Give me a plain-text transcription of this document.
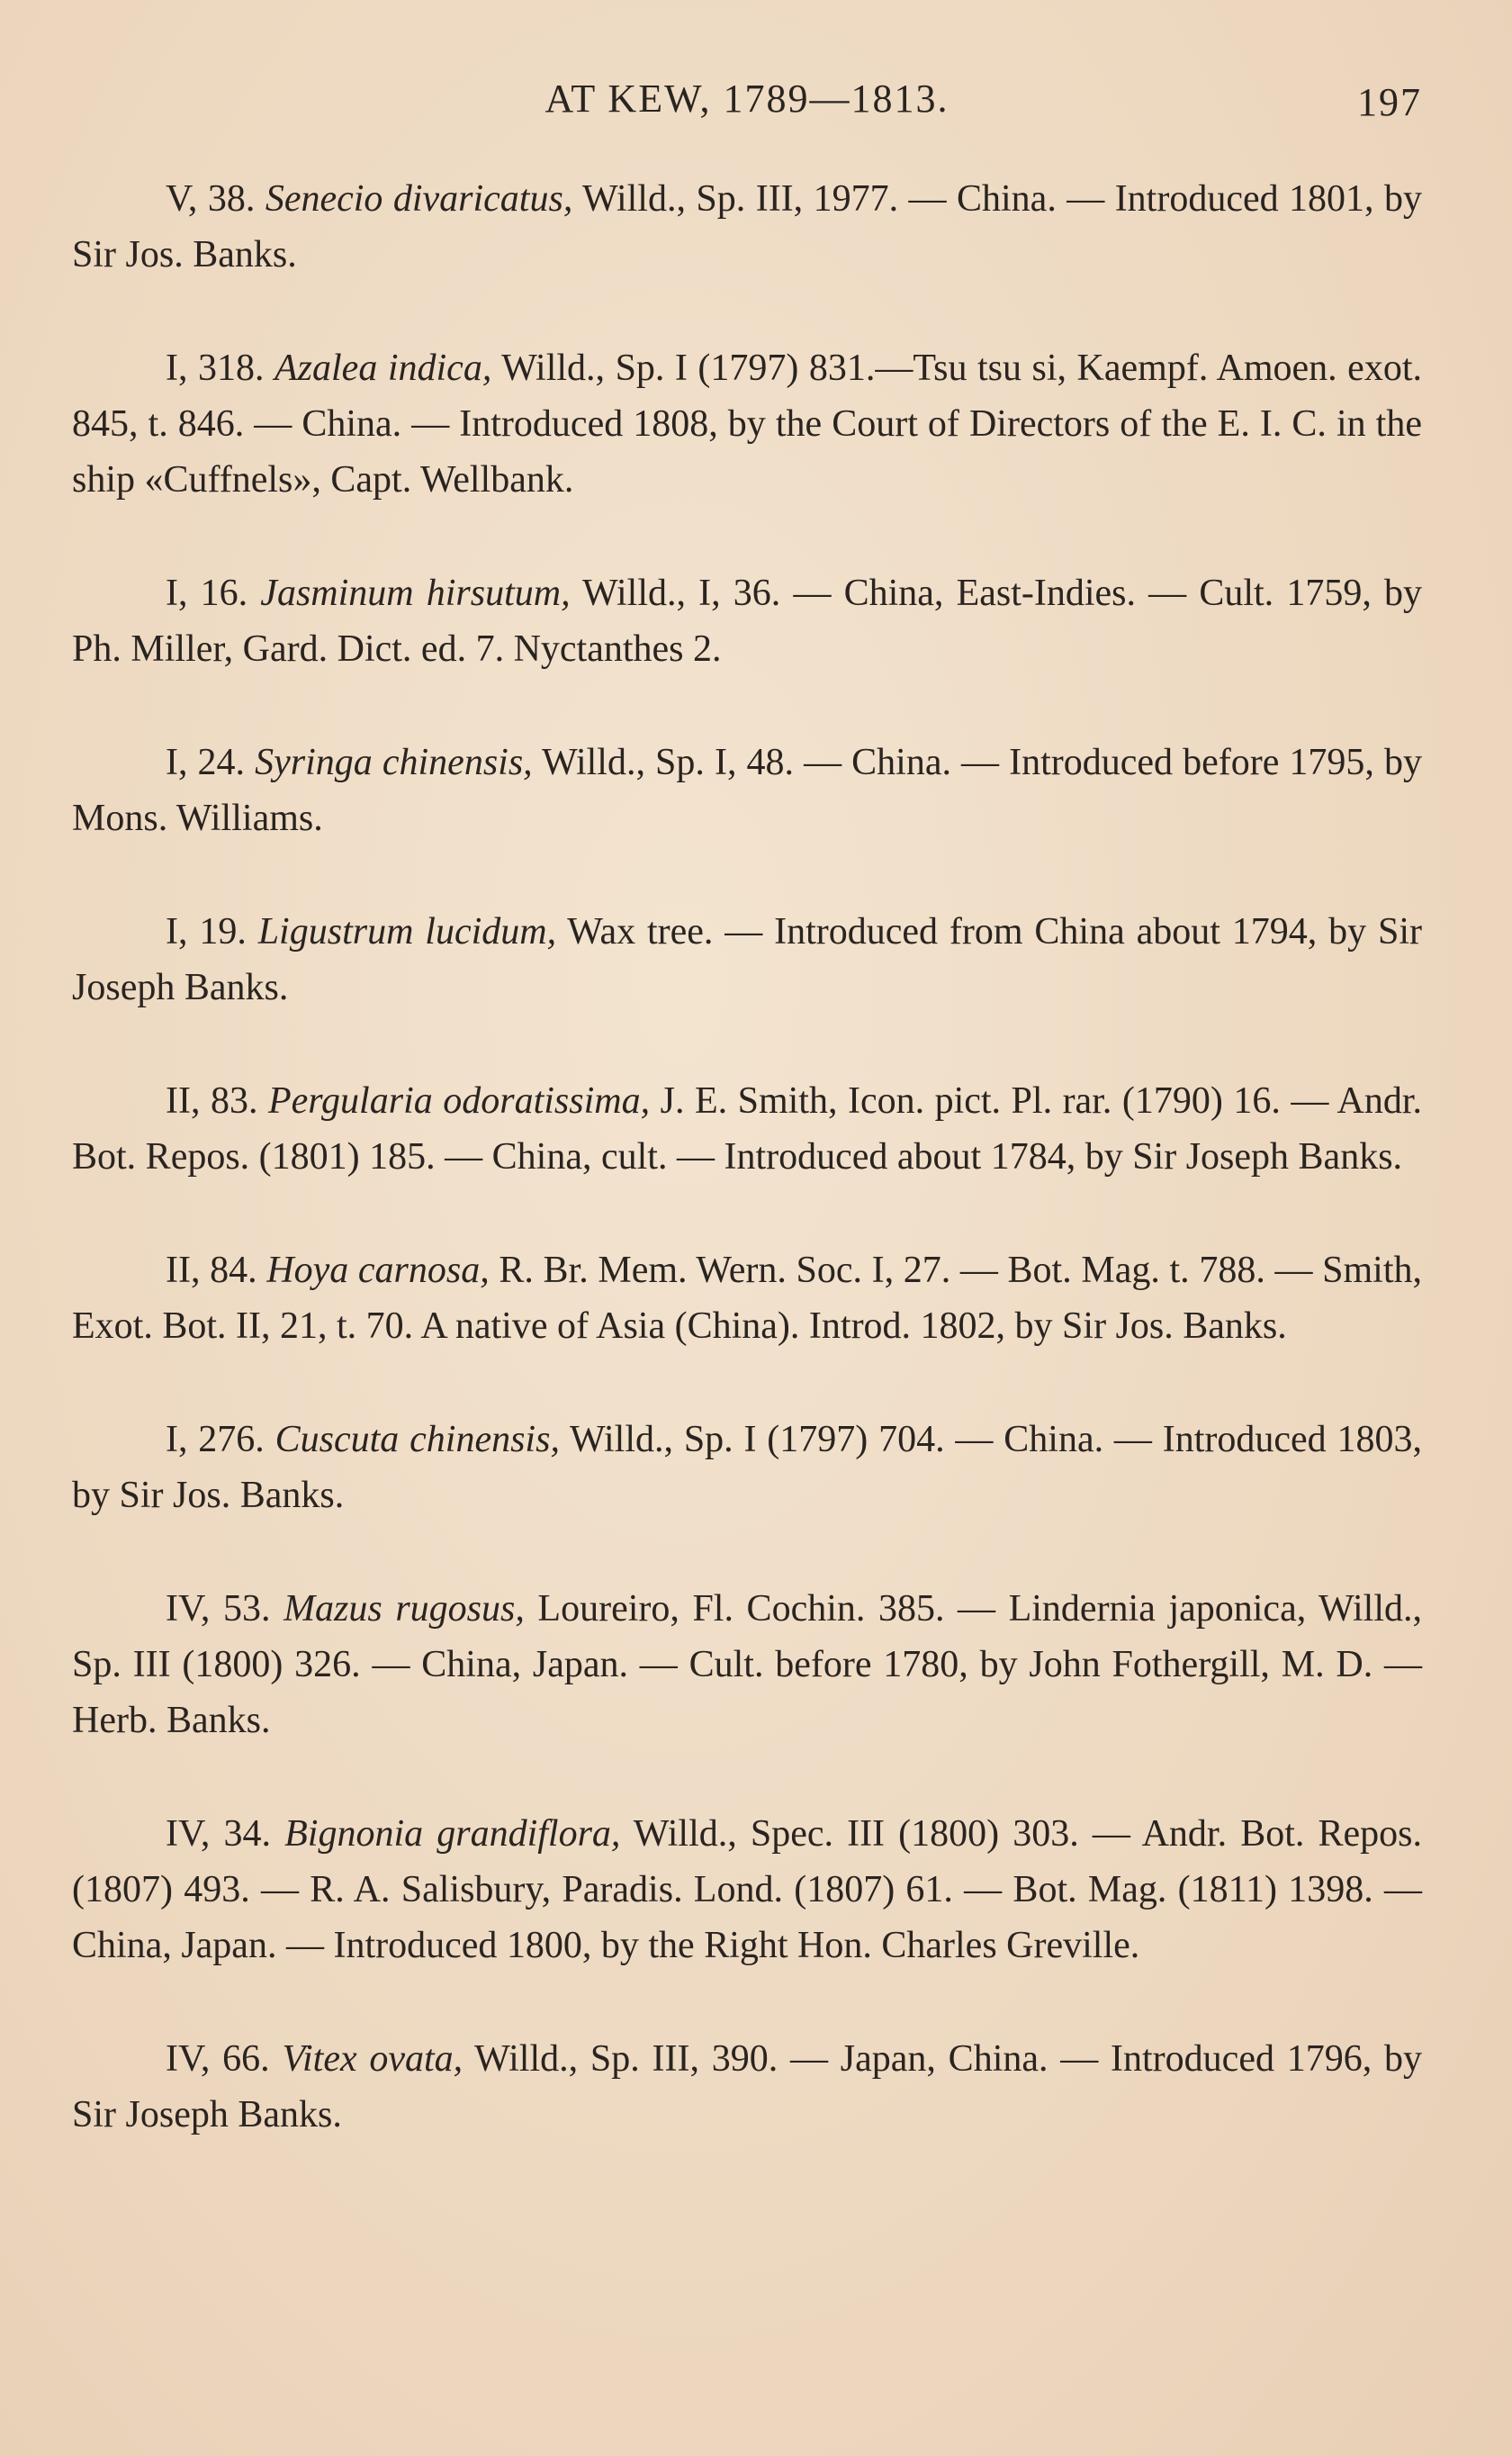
AT KEW, 1789—1813.	197

V, 38. Senecio divaricatus, Willd., Sp. III, 1977. — China. — Introduced 1801, by Sir Jos. Banks.

I, 318. Azalea indica, Willd., Sp. I (1797) 831.—Tsu tsu si, Kaempf. Amoen. exot. 845, t. 846. — China. — Introduced 1808, by the Court of Directors of the E. I. C. in the ship «Cuffnels», Capt. Wellbank.

I, 16. Jasminum hirsutum, Willd., I, 36. — China, East-Indies. — Cult. 1759, by Ph. Miller, Gard. Dict. ed. 7. Nyctanthes 2.

I, 24. Syringa chinensis, Willd., Sp. I, 48. — China. — Introduced before 1795, by Mons. Williams.

I, 19. Ligustrum lucidum, Wax tree. — Introduced from China about 1794, by Sir Joseph Banks.

II, 83. Pergularia odoratissima, J. E. Smith, Icon. pict. Pl. rar. (1790) 16. — Andr. Bot. Repos. (1801) 185. — China, cult. — Introduced about 1784, by Sir Joseph Banks.

II, 84. Hoya carnosa, R. Br. Mem. Wern. Soc. I, 27. — Bot. Mag. t. 788. — Smith, Exot. Bot. II, 21, t. 70. A native of Asia (China). Introd. 1802, by Sir Jos. Banks.

I, 276. Cuscuta chinensis, Willd., Sp. I (1797) 704. — China. — Introduced 1803, by Sir Jos. Banks.

IV, 53. Mazus rugosus, Loureiro, Fl. Cochin. 385. — Lindernia japonica, Willd., Sp. III (1800) 326. — China, Japan. — Cult. before 1780, by John Fothergill, M. D. — Herb. Banks.

IV, 34. Bignonia grandiflora, Willd., Spec. III (1800) 303. — Andr. Bot. Repos. (1807) 493. — R. A. Salisbury, Paradis. Lond. (1807) 61. — Bot. Mag. (1811) 1398. — China, Japan. — Introduced 1800, by the Right Hon. Charles Greville.

IV, 66. Vitex ovata, Willd., Sp. III, 390. — Japan, China. — Introduced 1796, by Sir Joseph Banks.
